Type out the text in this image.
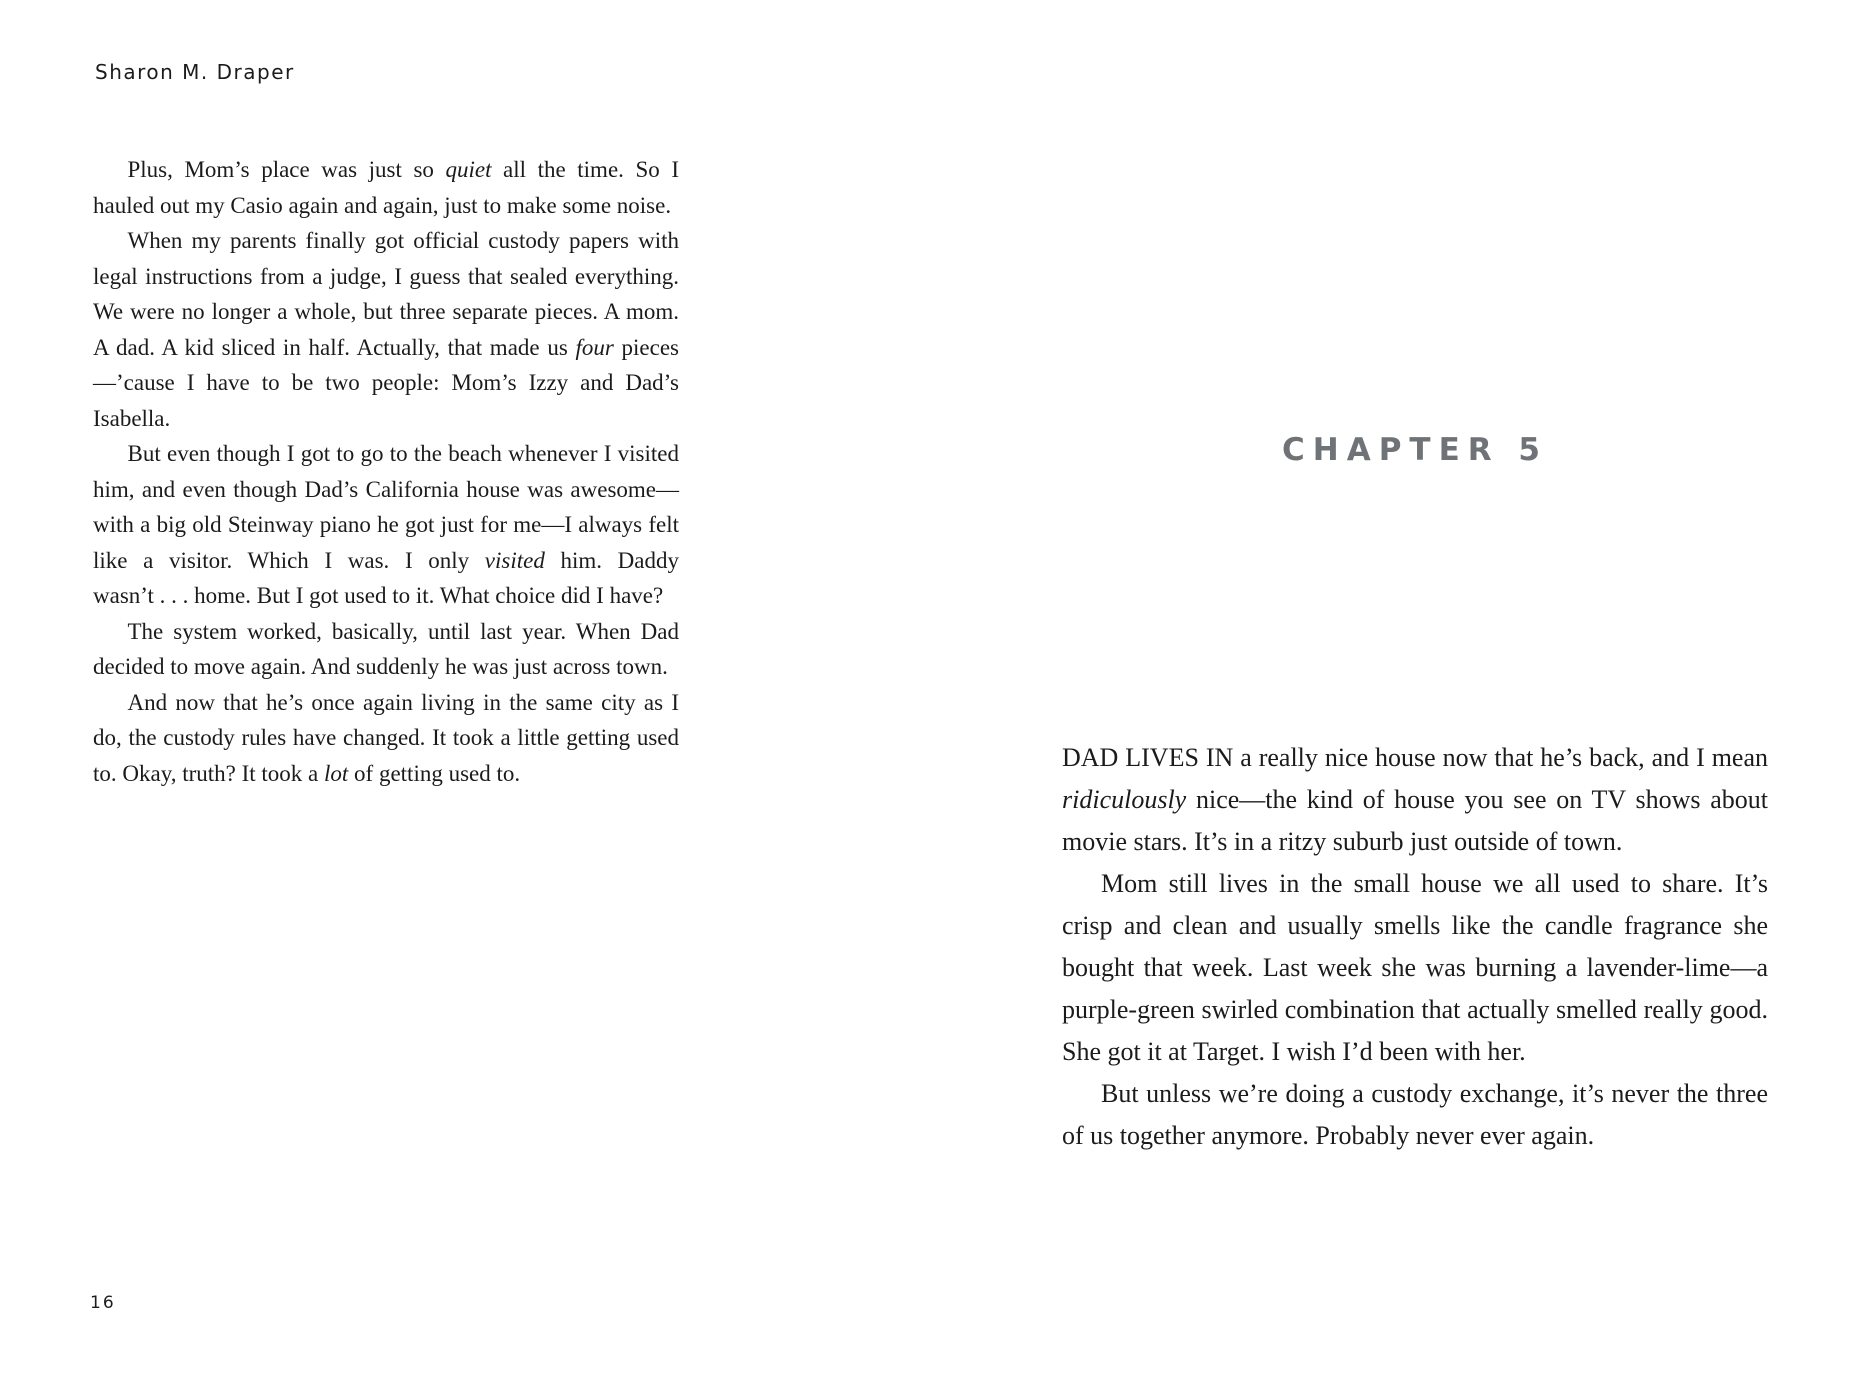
Sharon M. Draper

Plus, Mom’s place was just so quiet all the time. So I hauled out my Casio again and again, just to make some noise.

When my parents finally got official custody papers with legal instructions from a judge, I guess that sealed everything. We were no longer a whole, but three separate pieces. A mom. A dad. A kid sliced in half. Actually, that made us four pieces—’cause I have to be two people: Mom’s Izzy and Dad’s Isabella.

But even though I got to go to the beach whenever I visited him, and even though Dad’s California house was awesome—with a big old Steinway piano he got just for me—I always felt like a visitor. Which I was. I only visited him. Daddy wasn’t . . . home. But I got used to it. What choice did I have?

The system worked, basically, until last year. When Dad decided to move again. And suddenly he was just across town.

And now that he’s once again living in the same city as I do, the custody rules have changed. It took a little getting used to. Okay, truth? It took a lot of getting used to.

16
CHAPTER 5

DAD LIVES IN a really nice house now that he’s back, and I mean ridiculously nice—the kind of house you see on TV shows about movie stars. It’s in a ritzy suburb just outside of town.

Mom still lives in the small house we all used to share. It’s crisp and clean and usually smells like the candle fragrance she bought that week. Last week she was burning a lavender-lime—a purple-green swirled combination that actually smelled really good. She got it at Target. I wish I’d been with her.

But unless we’re doing a custody exchange, it’s never the three of us together anymore. Probably never ever again.
